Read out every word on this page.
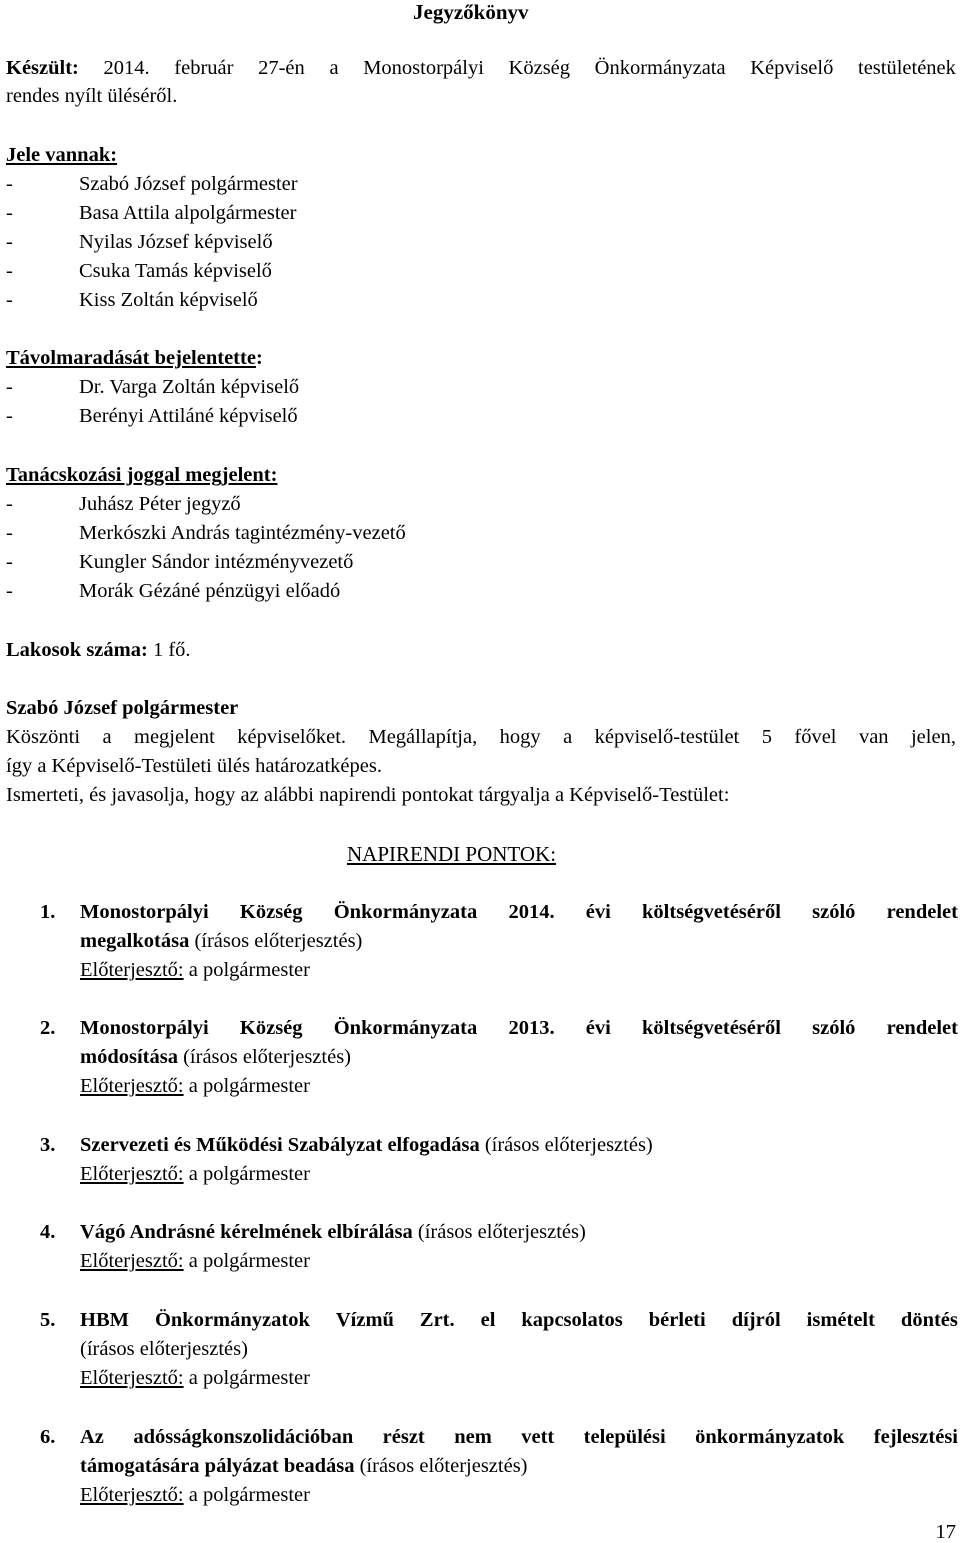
Jegyzőkönyv
Készült: 2014. február 27-én a Monostorpályi Község Önkormányzata Képviselő testületének
rendes nyílt üléséről.
Jele vannak:
-	Szabó József polgármester
-	Basa Attila alpolgármester
-	Nyilas József képviselő
-	Csuka Tamás képviselő
-	Kiss Zoltán képviselő
Távolmaradását bejelentette:
-	Dr. Varga Zoltán képviselő
-	Berényi Attiláné képviselő
Tanácskozási joggal megjelent:
-	Juhász Péter jegyző
-	Merkószki András tagintézmény-vezető
-	Kungler Sándor intézményvezető
-	Morák Gézáné pénzügyi előadó
Lakosok száma: 1 fő.
Szabó József polgármester
Köszönti a megjelent képviselőket. Megállapítja, hogy a képviselő-testület 5 fővel van jelen,
így a Képviselő-Testületi ülés határozatképes.
Ismerteti, és javasolja, hogy az alábbi napirendi pontokat tárgyalja a Képviselő-Testület:
NAPIRENDI PONTOK:
1. Monostorpályi Község Önkormányzata 2014. évi költségvetéséről szóló rendelet
megalkotása (írásos előterjesztés)
Előterjesztő: a polgármester
2. Monostorpályi Község Önkormányzata 2013. évi költségvetéséről szóló rendelet
módosítása (írásos előterjesztés)
Előterjesztő: a polgármester
3. Szervezeti és Működési Szabályzat elfogadása (írásos előterjesztés)
Előterjesztő: a polgármester
4. Vágó Andrásné kérelmének elbírálása (írásos előterjesztés)
Előterjesztő: a polgármester
5. HBM Önkormányzatok Vízmű Zrt. el kapcsolatos bérleti díjról ismételt döntés
(írásos előterjesztés)
Előterjesztő: a polgármester
6. Az adósságkonszolidációban részt nem vett települési önkormányzatok fejlesztési
támogatására pályázat beadása (írásos előterjesztés)
Előterjesztő: a polgármester
17
